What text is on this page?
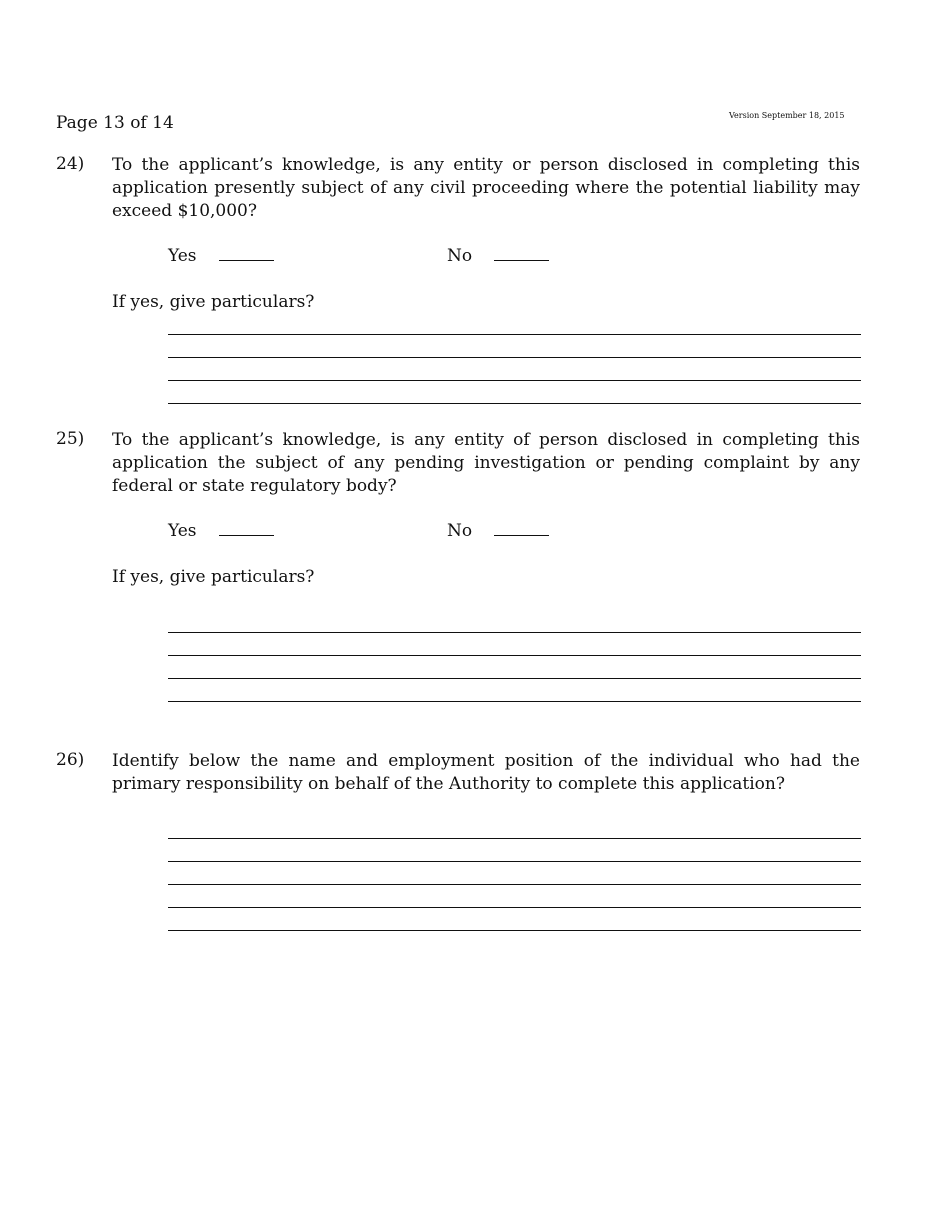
Page 13 of 14	Version September 18, 2015
24) To the applicant’s knowledge, is any entity or person disclosed in completing this application presently subject of any civil proceeding where the potential liability may exceed $10,000?
Yes	No
If yes, give particulars?
25) To the applicant’s knowledge, is any entity of person disclosed in completing this application the subject of any pending investigation or pending complaint by any federal or state regulatory body?
Yes	No
If yes, give particulars?
26) Identify below the name and employment position of the individual who had the primary responsibility on behalf of the Authority to complete this application?
